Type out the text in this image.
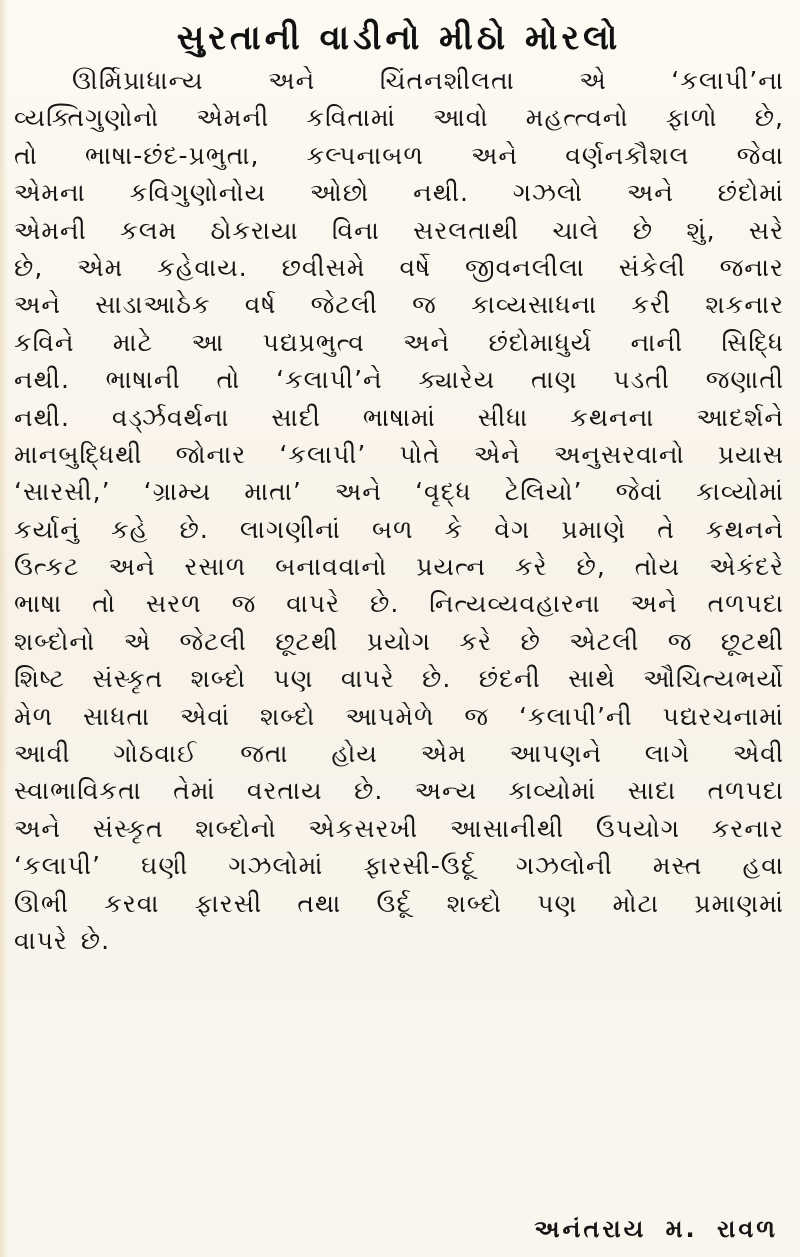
સુરતાની વાડીનો મીઠો મોરલો
ઊર્મિપ્રાધાન્ય અને ચિંતનશીલતા એ ‘કલાપી’ના
વ્યક્તિગુણોનો એમની કવિતામાં આવો મહત્ત્વનો ફાળો છે,
તો ભાષા-છંદ-પ્રભુતા, કલ્પનાબળ અને વર્ણનકૌશલ જેવા
એમના કવિગુણોનોય ઓછો નથી. ગઝલો અને છંદોમાં
એમની કલમ ઠોકરાયા વિના સરલતાથી ચાલે છે શું, સરે
છે, એમ કહેવાય. છવીસમે વર્ષે જીવનલીલા સંકેલી જનાર
અને સાડાઆઠેક વર્ષ જેટલી જ કાવ્યસાધના કરી શકનાર
કવિને માટે આ પદ્યપ્રભુત્વ અને છંદોમાધુર્ય નાની સિદ્ધિ
નથી. ભાષાની તો ‘કલાપી’ને ક્યારેય તાણ પડતી જણાતી
નથી. વર્ડ્ઝવર્થના સાદી ભાષામાં સીધા કથનના આદર્શને
માનબુદ્ધિથી જોનાર ‘કલાપી’ પોતે એને અનુસરવાનો પ્રયાસ
‘સારસી,’ ‘ગ્રામ્ય માતા’ અને ‘વૃદ્ધ ટેલિયો’ જેવાં કાવ્યોમાં
કર્યાનું કહે છે. લાગણીનાં બળ કે વેગ પ્રમાણે તે કથનને
ઉત્કટ અને રસાળ બનાવવાનો પ્રયત્ન કરે છે, તોય એકંદરે
ભાષા તો સરળ જ વાપરે છે. નિત્યવ્યવહારના અને તળપદા
શબ્દોનો એ જેટલી છૂટથી પ્રયોગ કરે છે એટલી જ છૂટથી
શિષ્ટ સંસ્કૃત શબ્દો પણ વાપરે છે. છંદની સાથે ઔચિત્યભર્યો
મેળ સાધતા એવાં શબ્દો આપમેળે જ ‘કલાપી’ની પદ્યરચનામાં
આવી ગોઠવાઈ જતા હોય એમ આપણને લાગે એવી
સ્વાભાવિકતા તેમાં વરતાય છે. અન્ય કાવ્યોમાં સાદા તળપદા
અને સંસ્કૃત શબ્દોનો એકસરખી આસાનીથી ઉપયોગ કરનાર
‘કલાપી’ ઘણી ગઝલોમાં ફારસી-ઉર્દૂ ગઝલોની મસ્ત હવા
ઊભી કરવા ફારસી તથા ઉર્દૂ શબ્દો પણ મોટા પ્રમાણમાં
વાપરે છે.
અનંતરાય મ. રાવળ
